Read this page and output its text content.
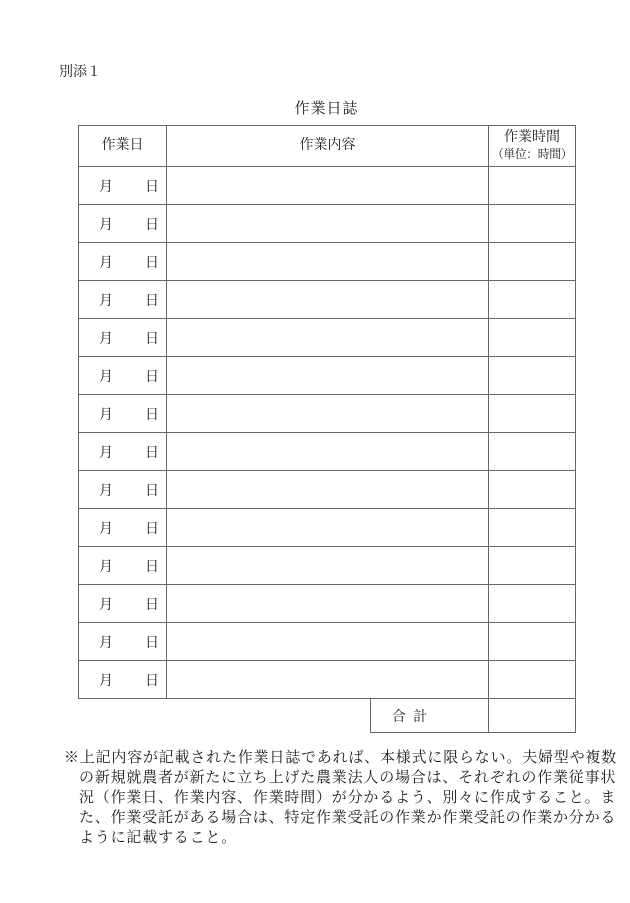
別添１
作業日誌
作業日	作業内容		作業時間
（単位：時間）

月 日			

月 日			

月 日			

月 日			

月 日			

月 日			

月 日			

月 日			

月 日			

月 日			

月 日			

月 日			

月 日			

月 日			

		合 計	
※上記内容が記載された作業日誌であれば、本様式に限らない。夫婦型や複数
の新規就農者が新たに立ち上げた農業法人の場合は、それぞれの作業従事状
況（作業日、作業内容、作業時間）が分かるよう、別々に作成すること。ま
た、作業受託がある場合は、特定作業受託の作業か作業受託の作業か分かる
ように記載すること。
